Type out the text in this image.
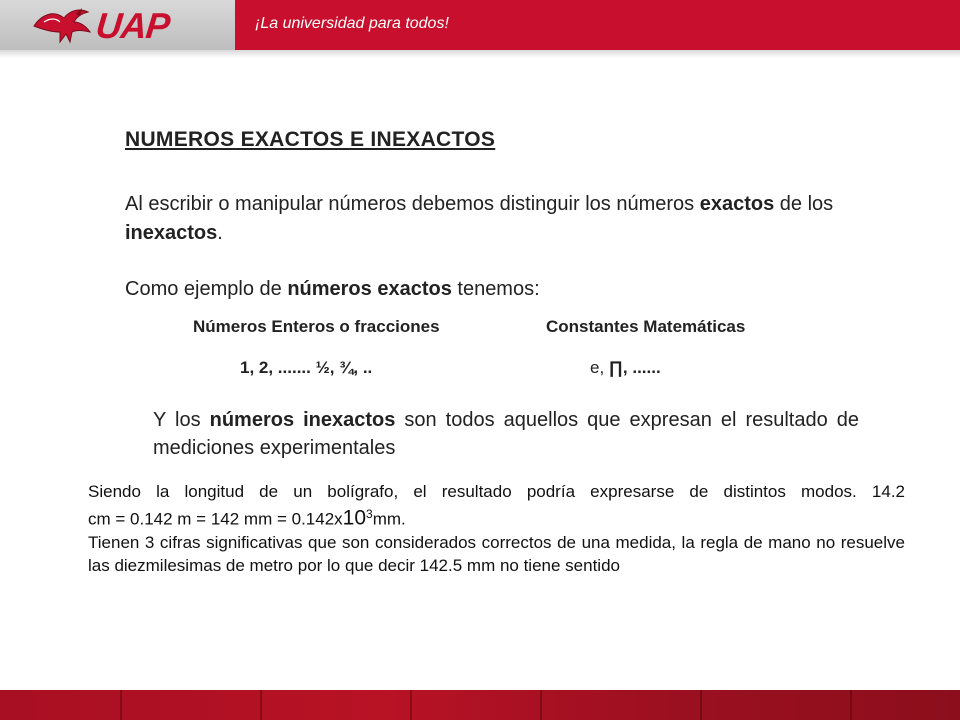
UAP	¡La universidad para todos!
NUMEROS EXACTOS E INEXACTOS
Al escribir o manipular números debemos distinguir los números exactos de los inexactos.
Como ejemplo de números exactos tenemos:
Números Enteros o fracciones	Constantes Matemáticas
1, 2, ....... ½, ¾, ..	e, ∏, ......
Y los números inexactos son todos aquellos que expresan el resultado de mediciones experimentales
Siendo la longitud de un bolígrafo, el resultado podría expresarse de distintos modos. 14.2
cm = 0.142 m = 142 mm = $0.142x10^3mm$.
Tienen 3 cifras significativas que son considerados correctos de una medida, la regla de mano no resuelve las diezmilesimas de metro por lo que decir 142.5 mm no tiene sentido
